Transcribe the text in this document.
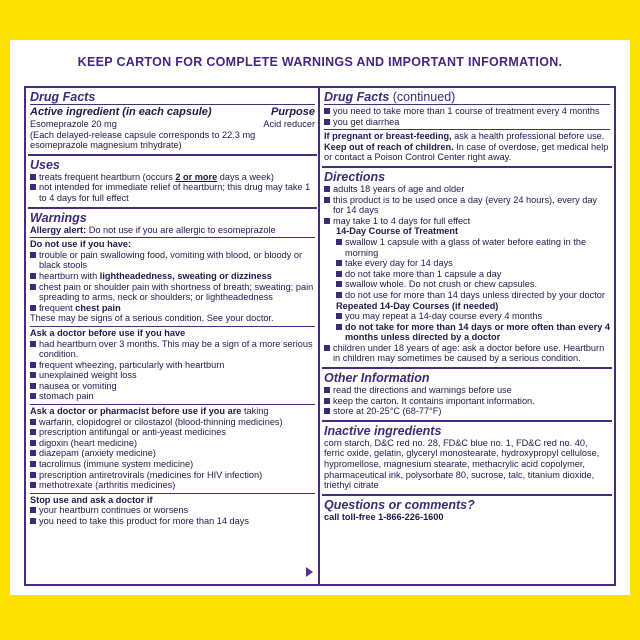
KEEP CARTON FOR COMPLETE WARNINGS AND IMPORTANT INFORMATION.
Drug Facts
Active ingredient (in each capsule)	Purpose
Esomeprazole 20 mg	Acid reducer
(Each delayed-release capsule corresponds to 22.3 mg esomeprazole magnesium trihydrate)
Uses
treats frequent heartburn (occurs 2 or more days a week)
not intended for immediate relief of heartburn; this drug may take 1 to 4 days for full effect
Warnings
Allergy alert: Do not use if you are allergic to esomeprazole
Do not use if you have:
trouble or pain swallowing food, vomiting with blood, or bloody or black stools
heartburn with lightheadedness, sweating or dizziness
chest pain or shoulder pain with shortness of breath; sweating; pain spreading to arms, neck or shoulders; or lightheadedness
frequent chest pain
These may be signs of a serious condition. See your doctor.
Ask a doctor before use if you have
had heartburn over 3 months. This may be a sign of a more serious condition.
frequent wheezing, particularly with heartburn
unexplained weight loss
nausea or vomiting
stomach pain
Ask a doctor or pharmacist before use if you are taking
warfarin, clopidogrel or cilostazol (blood-thinning medicines)
prescription antifungal or anti-yeast medicines
digoxin (heart medicine)
diazepam (anxiety medicine)
tacrolimus (immune system medicine)
prescription antiretrovirals (medicines for HIV infection)
methotrexate (arthritis medicines)
Stop use and ask a doctor if
your heartburn continues or worsens
you need to take this product for more than 14 days
Drug Facts (continued)
you need to take more than 1 course of treatment every 4 months
you get diarrhea
If pregnant or breast-feeding, ask a health professional before use.
Keep out of reach of children. In case of overdose, get medical help or contact a Poison Control Center right away.
Directions
adults 18 years of age and older
this product is to be used once a day (every 24 hours), every day for 14 days
may take 1 to 4 days for full effect
14-Day Course of Treatment
swallow 1 capsule with a glass of water before eating in the morning
take every day for 14 days
do not take more than 1 capsule a day
swallow whole. Do not crush or chew capsules.
do not use for more than 14 days unless directed by your doctor
Repeated 14-Day Courses (if needed)
you may repeat a 14-day course every 4 months
do not take for more than 14 days or more often than every 4 months unless directed by a doctor
children under 18 years of age: ask a doctor before use. Heartburn in children may sometimes be caused by a serious condition.
Other Information
read the directions and warnings before use
keep the carton. It contains important information.
store at 20-25°C (68-77°F)
Inactive ingredients
corn starch, D&C red no. 28, FD&C blue no. 1, FD&C red no. 40, ferric oxide, gelatin, glyceryl monostearate, hydroxypropyl cellulose, hypromellose, magnesium stearate, methacrylic acid copolymer, pharmaceutical ink, polysorbate 80, sucrose, talc, titanium dioxide, triethyl citrate
Questions or comments?
call toll-free 1-866-226-1600
